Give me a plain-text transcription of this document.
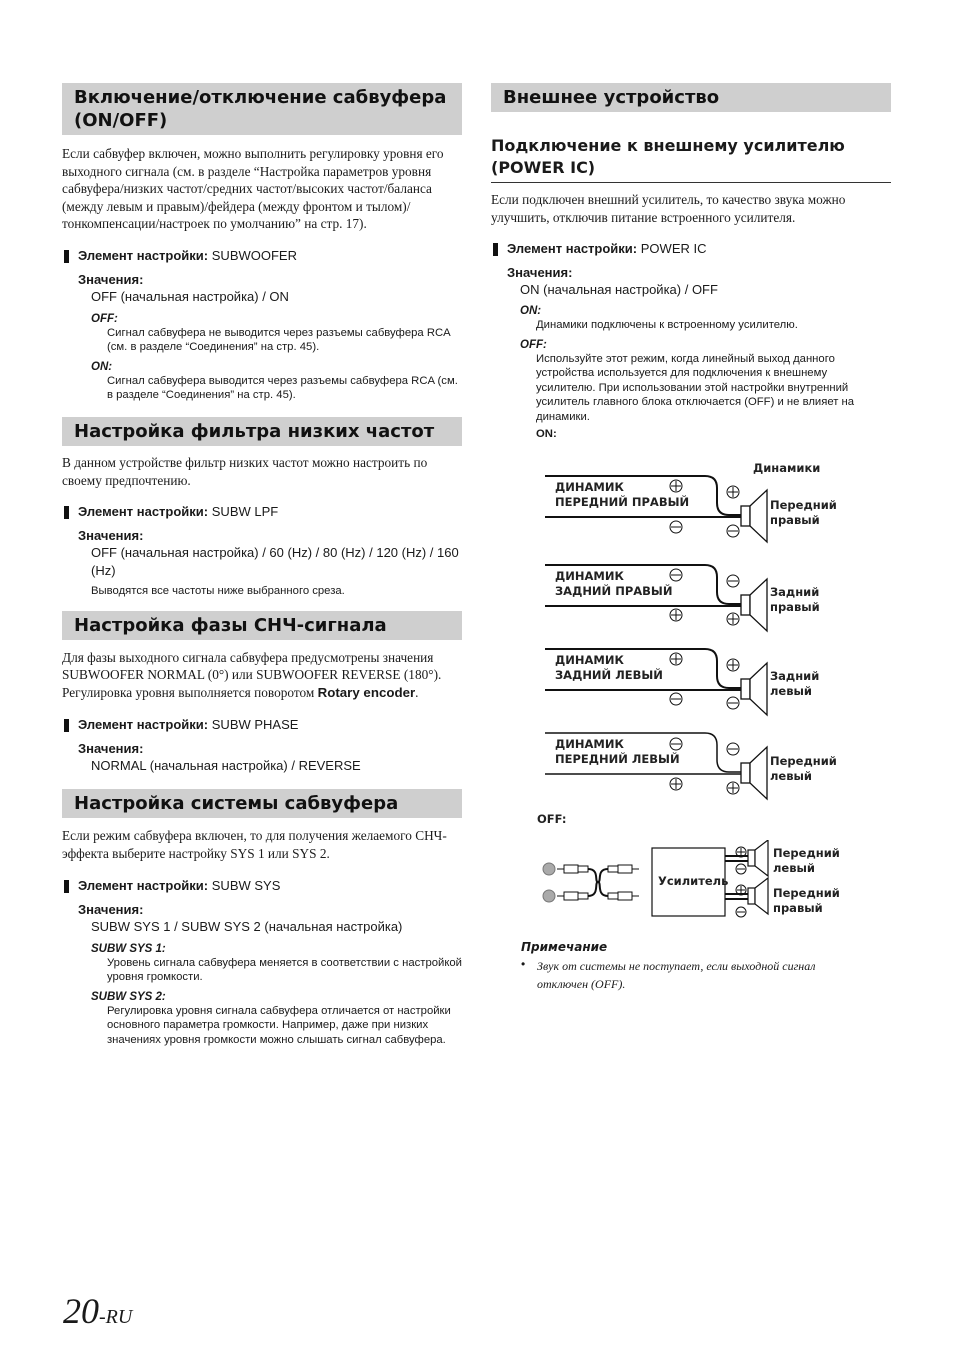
Включение/отключение сабвуфера (ON/OFF)
Если сабвуфер включен, можно выполнить регулировку уровня его выходного сигнала (см. в разделе “Настройка параметров уровня сабвуфера/низких частот/средних частот/высоких частот/баланса (между левым и правым)/фейдера (между фронтом и тылом)/тонкомпенсации/настроек по умолчанию” на стр. 17).
Элемент настройки: SUBWOOFER
Значения:
OFF (начальная настройка) / ON
OFF:
Сигнал сабвуфера не выводится через разъемы сабвуфера RCA (см. в разделе “Соединения” на стр. 45).
ON:
Сигнал сабвуфера выводится через разъемы сабвуфера RCA (см. в разделе “Соединения” на стр. 45).
Настройка фильтра низких частот
В данном устройстве фильтр низких частот можно настроить по своему предпочтению.
Элемент настройки: SUBW LPF
Значения:
OFF (начальная настройка) / 60 (Hz) / 80 (Hz) / 120 (Hz) / 160 (Hz)
Выводятся все частоты ниже выбранного среза.
Настройка фазы СНЧ-сигнала
Для фазы выходного сигнала сабвуфера предусмотрены значения SUBWOOFER NORMAL (0°) или SUBWOOFER REVERSE (180°). Регулировка уровня выполняется поворотом Rotary encoder.
Элемент настройки: SUBW PHASE
Значения:
NORMAL (начальная настройка) / REVERSE
Настройка системы сабвуфера
Если режим сабвуфера включен, то для получения желаемого СНЧ-эффекта выберите настройку SYS 1 или SYS 2.
Элемент настройки: SUBW SYS
Значения:
SUBW SYS 1 / SUBW SYS 2 (начальная настройка)
SUBW SYS 1:
Уровень сигнала сабвуфера меняется в соответствии с настройкой уровня громкости.
SUBW SYS 2:
Регулировка уровня сигнала сабвуфера отличается от настройки основного параметра громкости. Например, даже при низких значениях уровня громкости можно слышать сигнал сабвуфера.
Внешнее устройство
Подключение к внешнему усилителю (POWER IC)
Если подключен внешний усилитель, то качество звука можно улучшить, отключив питание встроенного усилителя.
Элемент настройки: POWER IC
Значения:
ON (начальная настройка) / OFF
ON:
Динамики подключены к встроенному усилителю.
OFF:
Используйте этот режим, когда линейный выход данного устройства используется для подключения к внешнему усилителю. При использовании этой настройки внутренний усилитель главного блока отключается (OFF) и не влияет на динамики.
ON:
Динамики
ДИНАМИК
ПЕРЕДНИЙ ПРАВЫЙ	Передний
правый
ДИНАМИК
ЗАДНИЙ ПРАВЫЙ	Задний
правый
ДИНАМИК
ЗАДНИЙ ЛЕВЫЙ	Задний
левый
ДИНАМИК
ПЕРЕДНИЙ ЛЕВЫЙ	Передний
левый
OFF:
Усилитель
Передний
левый
Передний
правый
Примечание
• Звук от системы не поступает, если выходной сигнал отключен (OFF).
20-RU
